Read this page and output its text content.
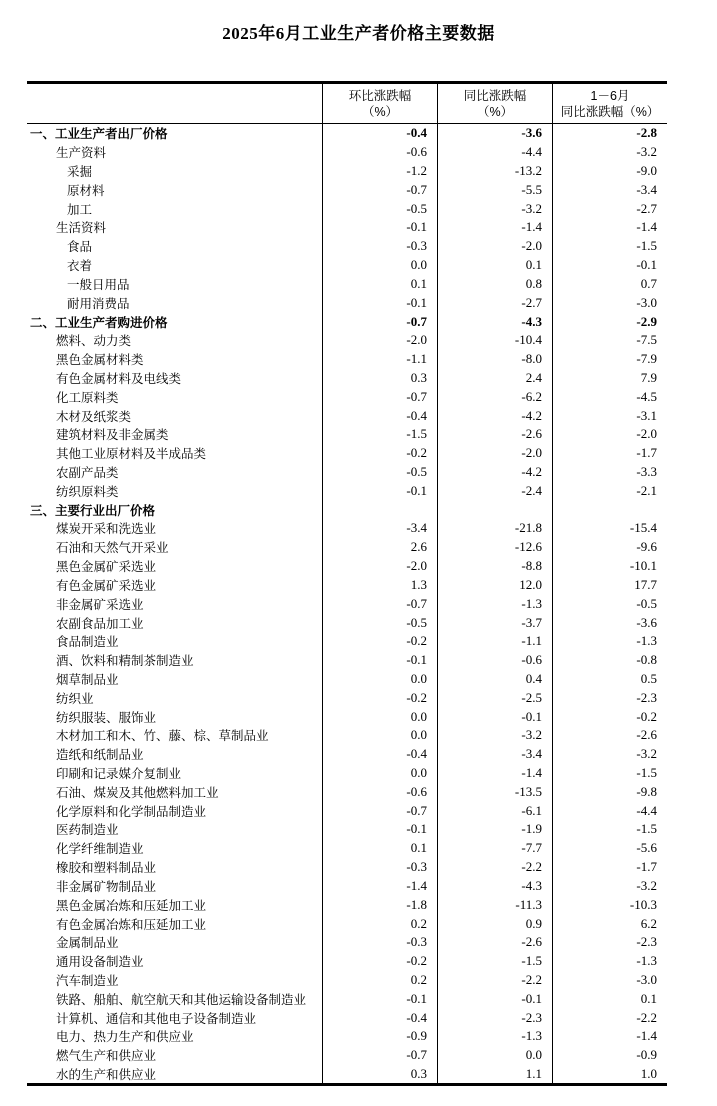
2025年6月工业生产者价格主要数据
环比涨跌幅
（%）
同比涨跌幅
（%）
1－6月
同比涨跌幅（%）
一、工业生产者出厂价格	-0.4	-3.6	-2.8
生产资料	-0.6	-4.4	-3.2
采掘	-1.2	-13.2	-9.0
原材料	-0.7	-5.5	-3.4
加工	-0.5	-3.2	-2.7
生活资料	-0.1	-1.4	-1.4
食品	-0.3	-2.0	-1.5
衣着	0.0	0.1	-0.1
一般日用品	0.1	0.8	0.7
耐用消费品	-0.1	-2.7	-3.0
二、工业生产者购进价格	-0.7	-4.3	-2.9
燃料、动力类	-2.0	-10.4	-7.5
黑色金属材料类	-1.1	-8.0	-7.9
有色金属材料及电线类	0.3	2.4	7.9
化工原料类	-0.7	-6.2	-4.5
木材及纸浆类	-0.4	-4.2	-3.1
建筑材料及非金属类	-1.5	-2.6	-2.0
其他工业原材料及半成品类	-0.2	-2.0	-1.7
农副产品类	-0.5	-4.2	-3.3
纺织原料类	-0.1	-2.4	-2.1
三、主要行业出厂价格
煤炭开采和洗选业	-3.4	-21.8	-15.4
石油和天然气开采业	2.6	-12.6	-9.6
黑色金属矿采选业	-2.0	-8.8	-10.1
有色金属矿采选业	1.3	12.0	17.7
非金属矿采选业	-0.7	-1.3	-0.5
农副食品加工业	-0.5	-3.7	-3.6
食品制造业	-0.2	-1.1	-1.3
酒、饮料和精制茶制造业	-0.1	-0.6	-0.8
烟草制品业	0.0	0.4	0.5
纺织业	-0.2	-2.5	-2.3
纺织服装、服饰业	0.0	-0.1	-0.2
木材加工和木、竹、藤、棕、草制品业	0.0	-3.2	-2.6
造纸和纸制品业	-0.4	-3.4	-3.2
印刷和记录媒介复制业	0.0	-1.4	-1.5
石油、煤炭及其他燃料加工业	-0.6	-13.5	-9.8
化学原料和化学制品制造业	-0.7	-6.1	-4.4
医药制造业	-0.1	-1.9	-1.5
化学纤维制造业	0.1	-7.7	-5.6
橡胶和塑料制品业	-0.3	-2.2	-1.7
非金属矿物制品业	-1.4	-4.3	-3.2
黑色金属冶炼和压延加工业	-1.8	-11.3	-10.3
有色金属冶炼和压延加工业	0.2	0.9	6.2
金属制品业	-0.3	-2.6	-2.3
通用设备制造业	-0.2	-1.5	-1.3
汽车制造业	0.2	-2.2	-3.0
铁路、船舶、航空航天和其他运输设备制造业	-0.1	-0.1	0.1
计算机、通信和其他电子设备制造业	-0.4	-2.3	-2.2
电力、热力生产和供应业	-0.9	-1.3	-1.4
燃气生产和供应业	-0.7	0.0	-0.9
水的生产和供应业	0.3	1.1	1.0
